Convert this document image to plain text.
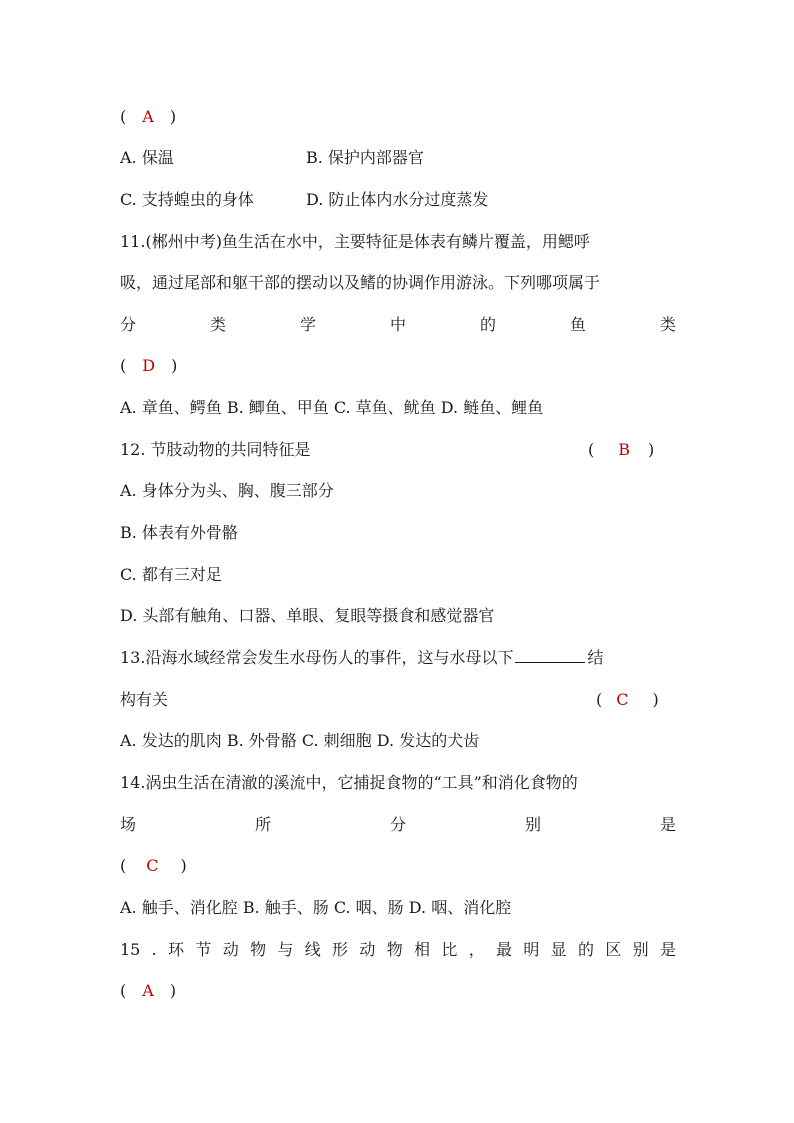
( A )
A. 保温	B. 保护内部器官
C. 支持蝗虫的身体	D. 防止体内水分过度蒸发
11.(郴州中考)鱼生活在水中，主要特征是体表有鳞片覆盖，用鳃呼
吸，通过尾部和躯干部的摆动以及鳍的协调作用游泳。下列哪项属于
分	类	学	中	的	鱼	类
( D )
A. 章鱼、鳄鱼 B. 鲫鱼、甲鱼 C. 草鱼、鱿鱼 D. 鲢鱼、鲤鱼
12. 节肢动物的共同特征是	( B )
A. 身体分为头、胸、腹三部分
B. 体表有外骨骼
C. 都有三对足
D. 头部有触角、口器、单眼、复眼等摄食和感觉器官
13.沿海水域经常会发生水母伤人的事件，这与水母以下	结
构有关	( C )
A. 发达的肌肉 B. 外骨骼 C. 刺细胞 D. 发达的犬齿
14.涡虫生活在清澈的溪流中，它捕捉食物的“工具”和消化食物的
场	所	分	别	是
( C )
A. 触手、消化腔 B. 触手、肠 C. 咽、肠 D. 咽、消化腔
15 . 环 节 动 物 与 线 形 动 物 相 比 ， 最 明 显 的 区 别 是
( A )
